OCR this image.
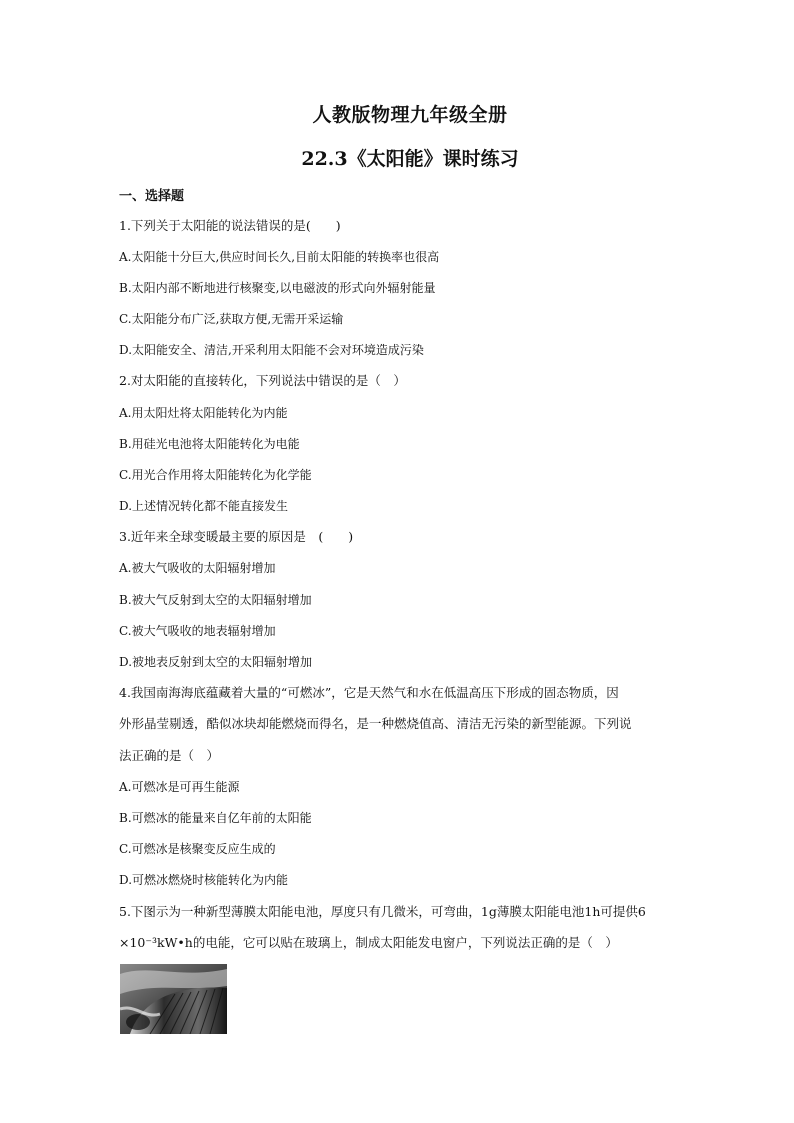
人教版物理九年级全册
22.3《太阳能》课时练习
一、选择题
1.下列关于太阳能的说法错误的是(　　)
A.太阳能十分巨大,供应时间长久,目前太阳能的转换率也很高
B.太阳内部不断地进行核聚变,以电磁波的形式向外辐射能量
C.太阳能分布广泛,获取方便,无需开采运输
D.太阳能安全、清洁,开采利用太阳能不会对环境造成污染
2.对太阳能的直接转化，下列说法中错误的是（　）
A.用太阳灶将太阳能转化为内能
B.用硅光电池将太阳能转化为电能
C.用光合作用将太阳能转化为化学能
D.上述情况转化都不能直接发生
3.近年来全球变暖最主要的原因是　(　　)
A.被大气吸收的太阳辐射增加
B.被大气反射到太空的太阳辐射增加
C.被大气吸收的地表辐射增加
D.被地表反射到太空的太阳辐射增加
4.我国南海海底蕴藏着大量的“可燃冰”，它是天然气和水在低温高压下形成的固态物质，因
外形晶莹剔透，酷似冰块却能燃烧而得名，是一种燃烧值高、清洁无污染的新型能源。下列说
法正确的是（　）
A.可燃冰是可再生能源
B.可燃冰的能量来自亿年前的太阳能
C.可燃冰是核聚变反应生成的
D.可燃冰燃烧时核能转化为内能
5.下图示为一种新型薄膜太阳能电池，厚度只有几微米，可弯曲，1g薄膜太阳能电池1h可提供6
×10⁻³kW•h的电能，它可以贴在玻璃上，制成太阳能发电窗户，下列说法正确的是（　）
